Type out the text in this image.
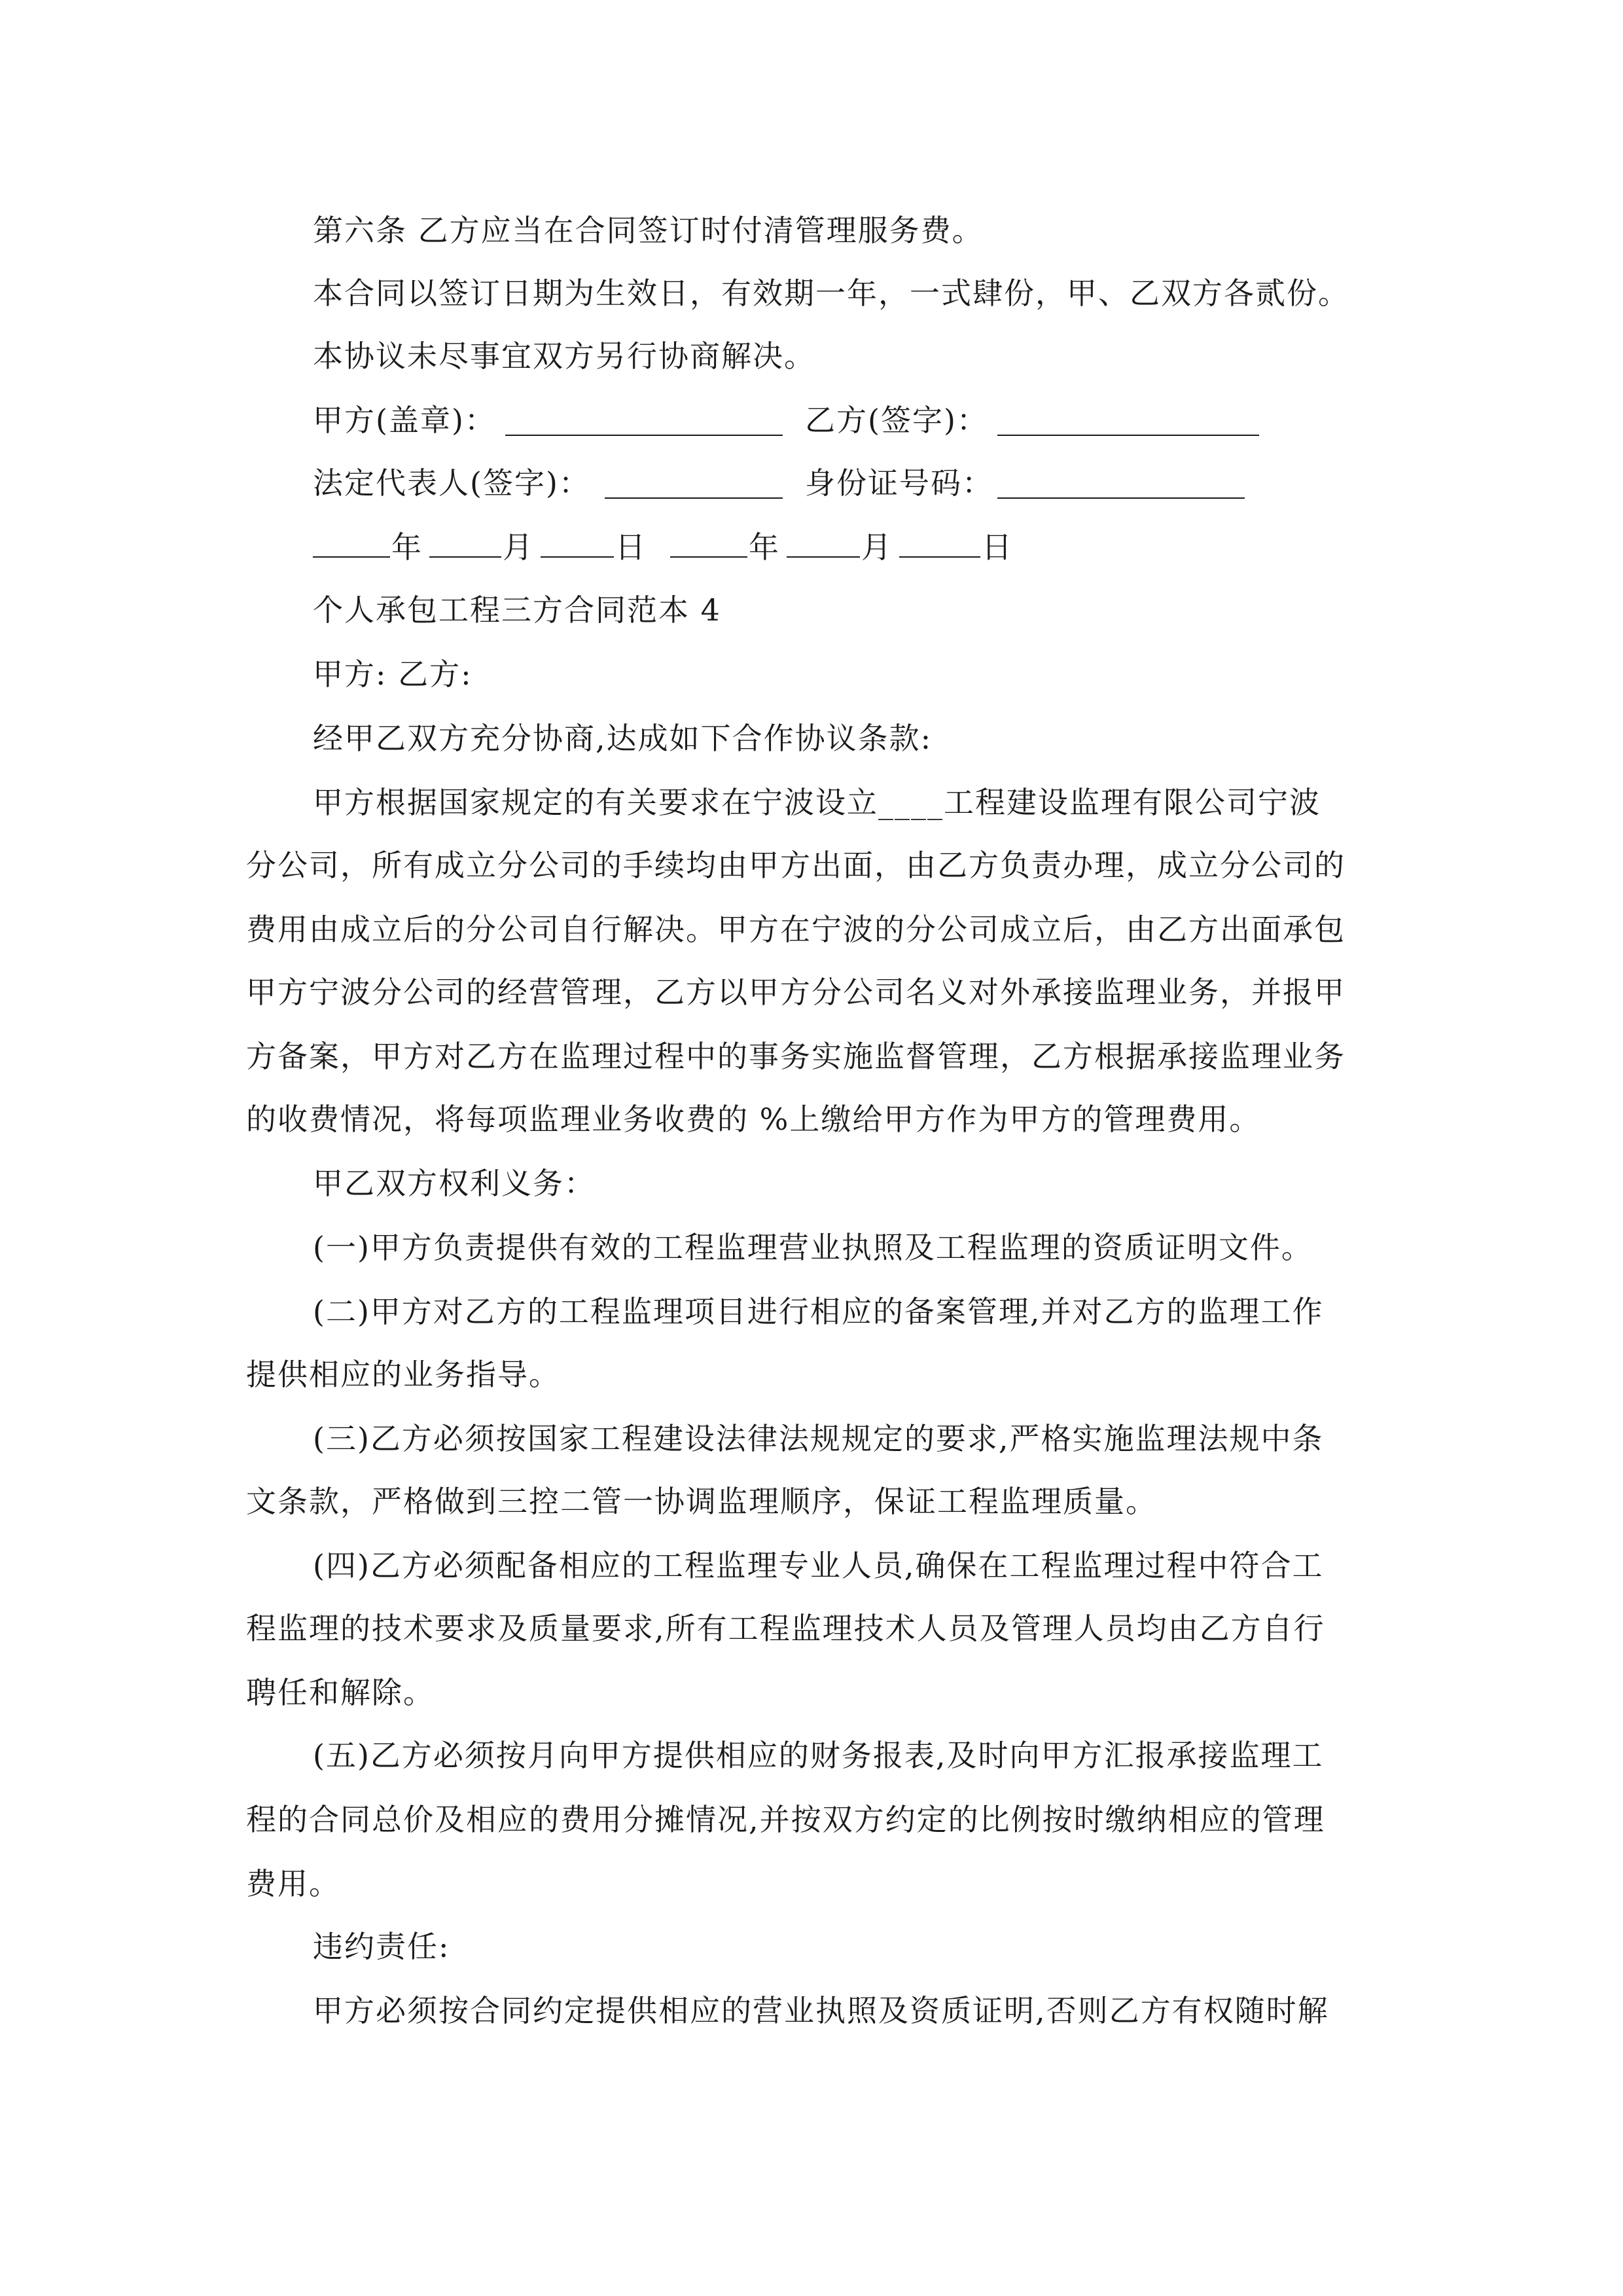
第六条 乙方应当在合同签订时付清管理服务费。
本合同以签订日期为生效日，有效期一年，一式肆份，甲、乙双方各贰份。
本协议未尽事宜双方另行协商解决。
甲方(盖章)：	乙方(签字)：
法定代表人(签字)：	身份证号码：
年	月	日	年	月	日
个人承包工程三方合同范本 4
甲方: 乙方:
经甲乙双方充分协商,达成如下合作协议条款:
甲方根据国家规定的有关要求在宁波设立____工程建设监理有限公司宁波
分公司，所有成立分公司的手续均由甲方出面，由乙方负责办理，成立分公司的
费用由成立后的分公司自行解决。甲方在宁波的分公司成立后，由乙方出面承包
甲方宁波分公司的经营管理，乙方以甲方分公司名义对外承接监理业务，并报甲
方备案，甲方对乙方在监理过程中的事务实施监督管理，乙方根据承接监理业务
的收费情况，将每项监理业务收费的 %上缴给甲方作为甲方的管理费用。
甲乙双方权利义务：
(一)甲方负责提供有效的工程监理营业执照及工程监理的资质证明文件。
(二)甲方对乙方的工程监理项目进行相应的备案管理,并对乙方的监理工作
提供相应的业务指导。
(三)乙方必须按国家工程建设法律法规规定的要求,严格实施监理法规中条
文条款，严格做到三控二管一协调监理顺序，保证工程监理质量。
(四)乙方必须配备相应的工程监理专业人员,确保在工程监理过程中符合工
程监理的技术要求及质量要求,所有工程监理技术人员及管理人员均由乙方自行
聘任和解除。
(五)乙方必须按月向甲方提供相应的财务报表,及时向甲方汇报承接监理工
程的合同总价及相应的费用分摊情况,并按双方约定的比例按时缴纳相应的管理
费用。
违约责任:
甲方必须按合同约定提供相应的营业执照及资质证明,否则乙方有权随时解
